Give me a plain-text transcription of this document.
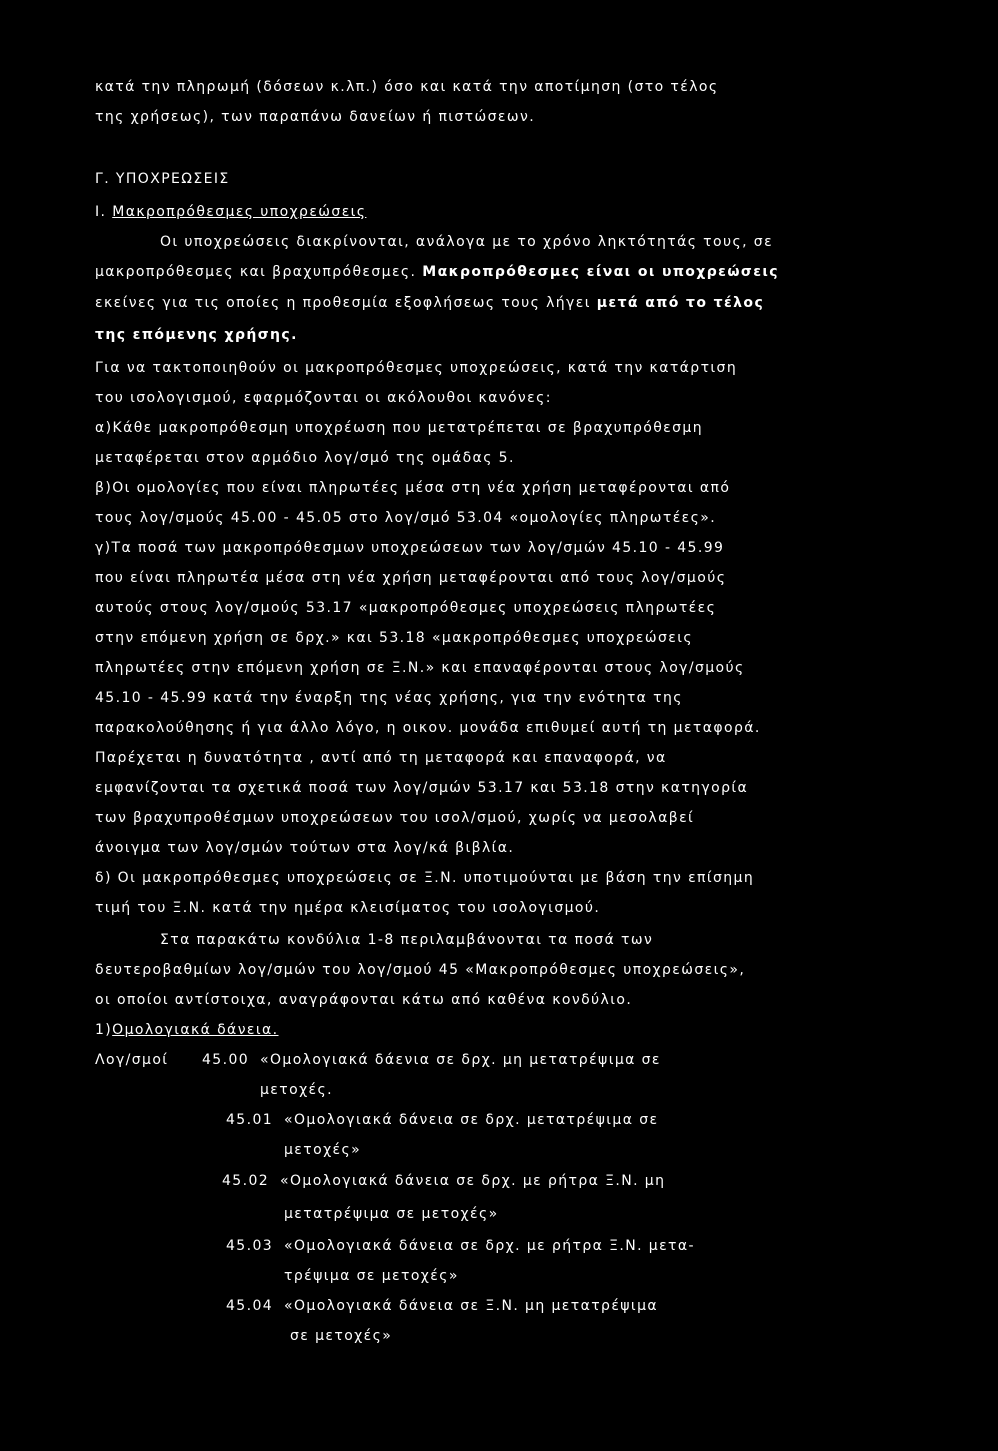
κατά την πληρωμή (δόσεων κ.λπ.) όσο και κατά την αποτίμηση (στο τέλος
της χρήσεως), των παραπάνω δανείων ή πιστώσεων.
Γ. ΥΠΟΧΡΕΩΣΕΙΣ
Ι. Μακροπρόθεσμες υποχρεώσεις
Οι υποχρεώσεις διακρίνονται, ανάλογα με το χρόνο ληκτότητάς τους, σε
μακροπρόθεσμες και βραχυπρόθεσμες. Μακροπρόθεσμες είναι οι υποχρεώσεις
εκείνες για τις οποίες η προθεσμία εξοφλήσεως τους λήγει μετά από το τέλος
της επόμενης χρήσης.
Για να τακτοποιηθούν οι μακροπρόθεσμες υποχρεώσεις, κατά την κατάρτιση
του ισολογισμού, εφαρμόζονται οι ακόλουθοι κανόνες:
α)Κάθε μακροπρόθεσμη υποχρέωση που μετατρέπεται σε βραχυπρόθεσμη
μεταφέρεται στον αρμόδιο λογ/σμό της ομάδας 5.
β)Οι ομολογίες που είναι πληρωτέες μέσα στη νέα χρήση μεταφέρονται από
τους λογ/σμούς 45.00 - 45.05 στο λογ/σμό 53.04 «ομολογίες πληρωτέες».
γ)Τα ποσά των μακροπρόθεσμων υποχρεώσεων των λογ/σμών 45.10 - 45.99
που είναι πληρωτέα μέσα στη νέα χρήση μεταφέρονται από τους λογ/σμούς
αυτούς στους λογ/σμούς 53.17 «μακροπρόθεσμες υποχρεώσεις πληρωτέες
στην επόμενη χρήση σε δρχ.» και 53.18 «μακροπρόθεσμες υποχρεώσεις
πληρωτέες στην επόμενη χρήση σε Ξ.Ν.» και επαναφέρονται στους λογ/σμούς
45.10 - 45.99 κατά την έναρξη της νέας χρήσης, για την ενότητα της
παρακολούθησης ή για άλλο λόγο, η οικον. μονάδα επιθυμεί αυτή τη μεταφορά.
Παρέχεται η δυνατότητα , αντί από τη μεταφορά και επαναφορά, να
εμφανίζονται τα σχετικά ποσά των λογ/σμών 53.17 και 53.18 στην κατηγορία
των βραχυπροθέσμων υποχρεώσεων του ισολ/σμού, χωρίς να μεσολαβεί
άνοιγμα των λογ/σμών τούτων στα λογ/κά βιβλία.
δ) Οι μακροπρόθεσμες υποχρεώσεις σε Ξ.Ν. υποτιμούνται με βάση την επίσημη
τιμή του Ξ.Ν. κατά την ημέρα κλεισίματος του ισολογισμού.
Στα παρακάτω κονδύλια 1-8 περιλαμβάνονται τα ποσά των
δευτεροβαθμίων λογ/σμών του λογ/σμού 45 «Μακροπρόθεσμες υποχρεώσεις»,
οι οποίοι αντίστοιχα, αναγράφονται κάτω από καθένα κονδύλιο.
1)Ομολογιακά δάνεια.
Λογ/σμοί 45.00 «Ομολογιακά δάενια σε δρχ. μη μετατρέψιμα σε
μετοχές.
45.01 «Ομολογιακά δάνεια σε δρχ. μετατρέψιμα σε
μετοχές»
45.02 «Ομολογιακά δάνεια σε δρχ. με ρήτρα Ξ.Ν. μη
μετατρέψιμα σε μετοχές»
45.03 «Ομολογιακά δάνεια σε δρχ. με ρήτρα Ξ.Ν. μετα-
τρέψιμα σε μετοχές»
45.04 «Ομολογιακά δάνεια σε Ξ.Ν. μη μετατρέψιμα
σε μετοχές»
